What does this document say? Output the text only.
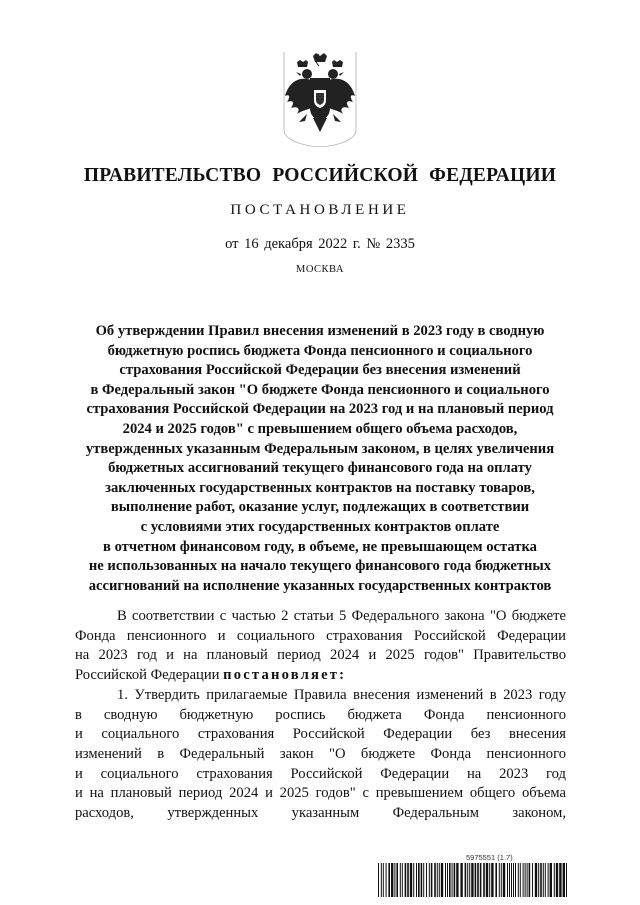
ПРАВИТЕЛЬСТВО РОССИЙСКОЙ ФЕДЕРАЦИИ
ПОСТАНОВЛЕНИЕ
от 16 декабря 2022 г. № 2335
МОСКВА
Об утверждении Правил внесения изменений в 2023 году в сводную
бюджетную роспись бюджета Фонда пенсионного и социального
страхования Российской Федерации без внесения изменений
в Федеральный закон "О бюджете Фонда пенсионного и социального
страхования Российской Федерации на 2023 год и на плановый период
2024 и 2025 годов" с превышением общего объема расходов,
утвержденных указанным Федеральным законом, в целях увеличения
бюджетных ассигнований текущего финансового года на оплату
заключенных государственных контрактов на поставку товаров,
выполнение работ, оказание услуг, подлежащих в соответствии
с условиями этих государственных контрактов оплате
в отчетном финансовом году, в объеме, не превышающем остатка
не использованных на начало текущего финансового года бюджетных
ассигнований на исполнение указанных государственных контрактов
В соответствии с частью 2 статьи 5 Федерального закона "О бюджете
Фонда пенсионного и социального страхования Российской Федерации
на 2023 год и на плановый период 2024 и 2025 годов" Правительство
Российской Федерации постановляет:
1. Утвердить прилагаемые Правила внесения изменений в 2023 году
в сводную бюджетную роспись бюджета Фонда пенсионного
и социального страхования Российской Федерации без внесения
изменений в Федеральный закон "О бюджете Фонда пенсионного
и социального страхования Российской Федерации на 2023 год
и на плановый период 2024 и 2025 годов" с превышением общего объема
расходов, утвержденных указанным Федеральным законом,
5975551 (1.7)
